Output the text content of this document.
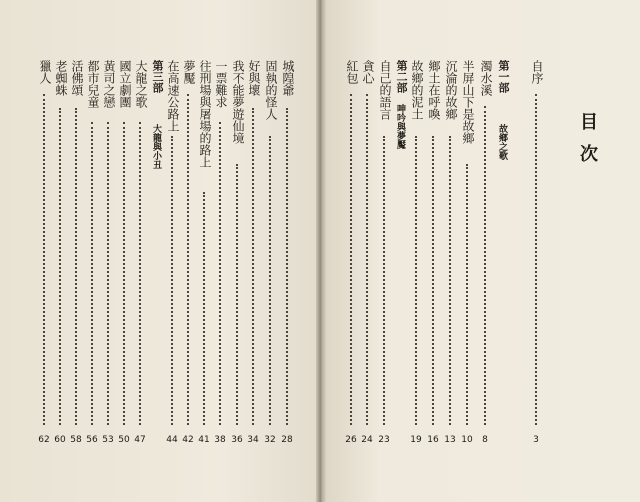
目次
自序
3
第一部
故鄉之歌
濁水溪
8
半屏山下是故鄉
10
沉淪的故鄉
13
鄉土在呼喚
16
故鄉的泥土
19
第二部
呻吟與夢魘
自己的語言
23
貪心
24
紅包
26
城隍爺
28
固執的怪人
32
好與壞
34
我不能夢遊仙境
36
一票難求
38
往刑場與屠場的路上
41
夢魘
42
在高速公路上
44
第三部
大龍與小丑
大龍之歌
47
國立劇團
50
黃司之戀
53
都市兒童
56
活佛頌
58
老蜘蛛
60
獵人
62
